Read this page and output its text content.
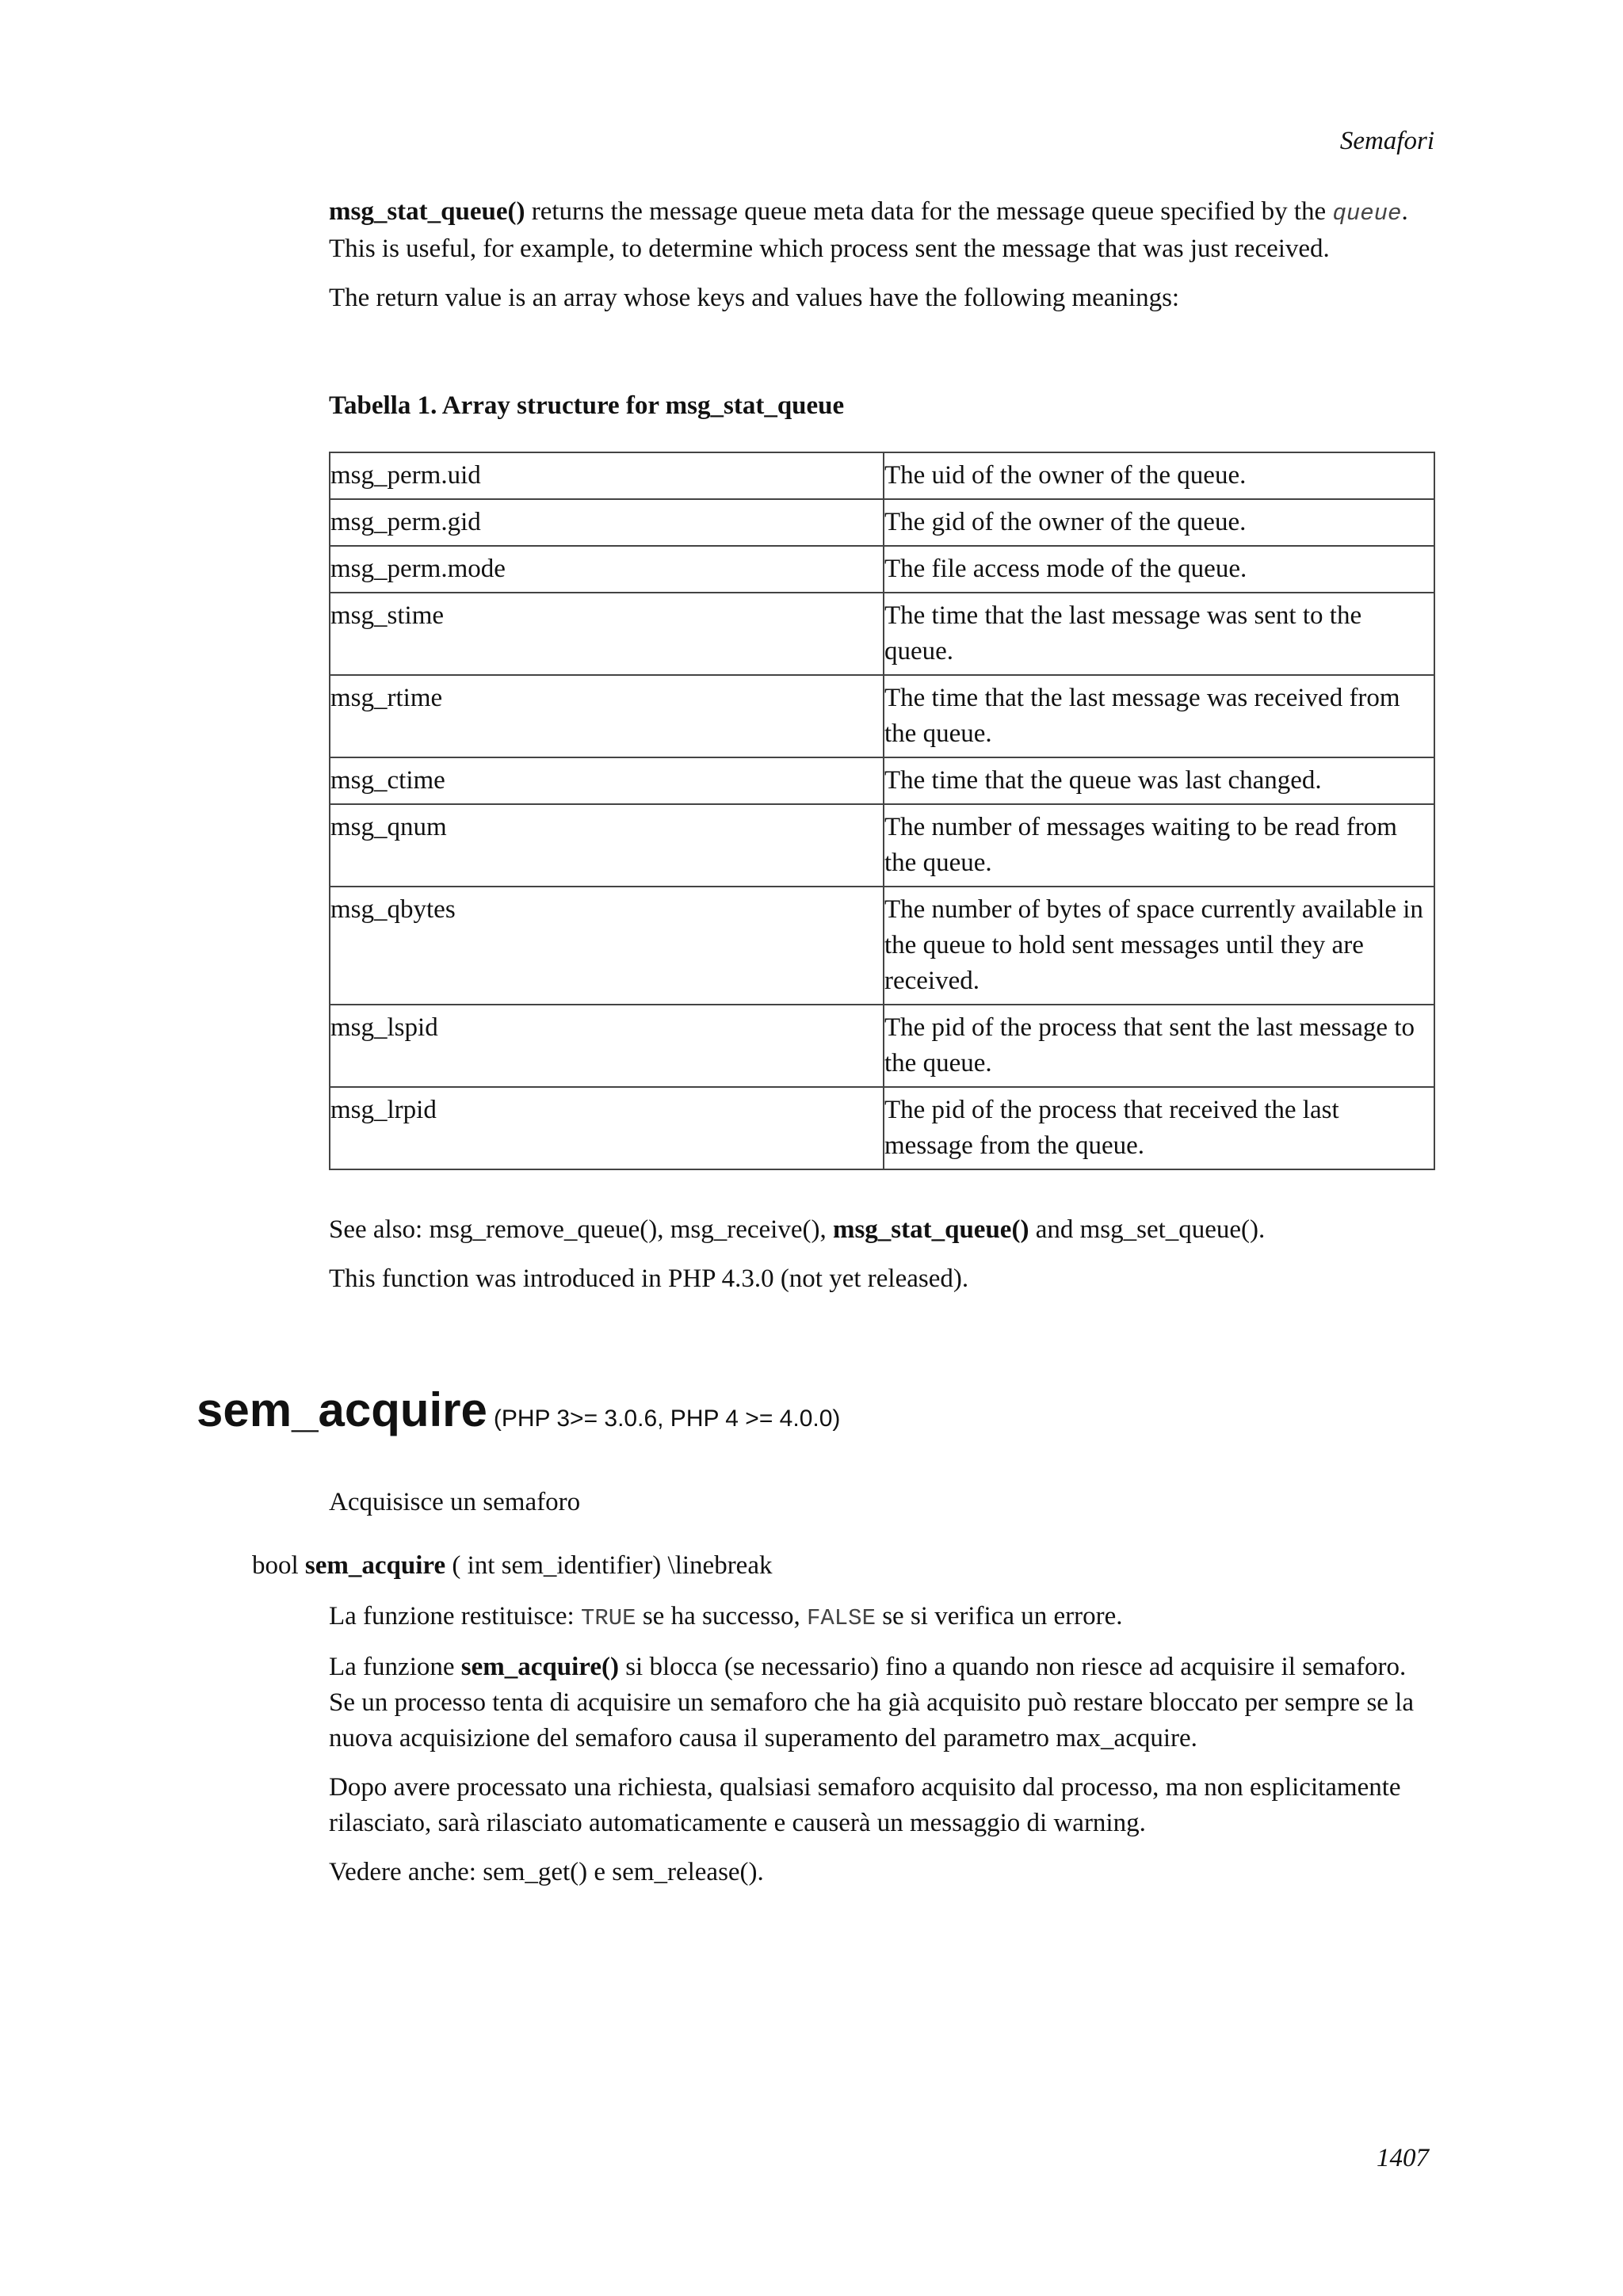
Semafori

msg_stat_queue() returns the message queue meta data for the message queue specified by the queue. This is useful, for example, to determine which process sent the message that was just received.

The return value is an array whose keys and values have the following meanings:

Tabella 1. Array structure for msg_stat_queue
msg_perm.uid	The uid of the owner of the queue.
msg_perm.gid	The gid of the owner of the queue.
msg_perm.mode	The file access mode of the queue.
msg_stime	The time that the last message was sent to the queue.
msg_rtime	The time that the last message was received from the queue.
msg_ctime	The time that the queue was last changed.
msg_qnum	The number of messages waiting to be read from the queue.
msg_qbytes	The number of bytes of space currently available in the queue to hold sent messages until they are received.
msg_lspid	The pid of the process that sent the last message to the queue.
msg_lrpid	The pid of the process that received the last message from the queue.

See also: msg_remove_queue(), msg_receive(), msg_stat_queue() and msg_set_queue().

This function was introduced in PHP 4.3.0 (not yet released).

sem_acquire (PHP 3>= 3.0.6, PHP 4 >= 4.0.0)
Acquisisce un semaforo
bool sem_acquire ( int sem_identifier) \linebreak

La funzione restituisce: TRUE se ha successo, FALSE se si verifica un errore.

La funzione sem_acquire() si blocca (se necessario) fino a quando non riesce ad acquisire il semaforo. Se un processo tenta di acquisire un semaforo che ha già acquisito può restare bloccato per sempre se la nuova acquisizione del semaforo causa il superamento del parametro max_acquire.

Dopo avere processato una richiesta, qualsiasi semaforo acquisito dal processo, ma non esplicitamente rilasciato, sarà rilasciato automaticamente e causerà un messaggio di warning.

Vedere anche: sem_get() e sem_release().

1407
